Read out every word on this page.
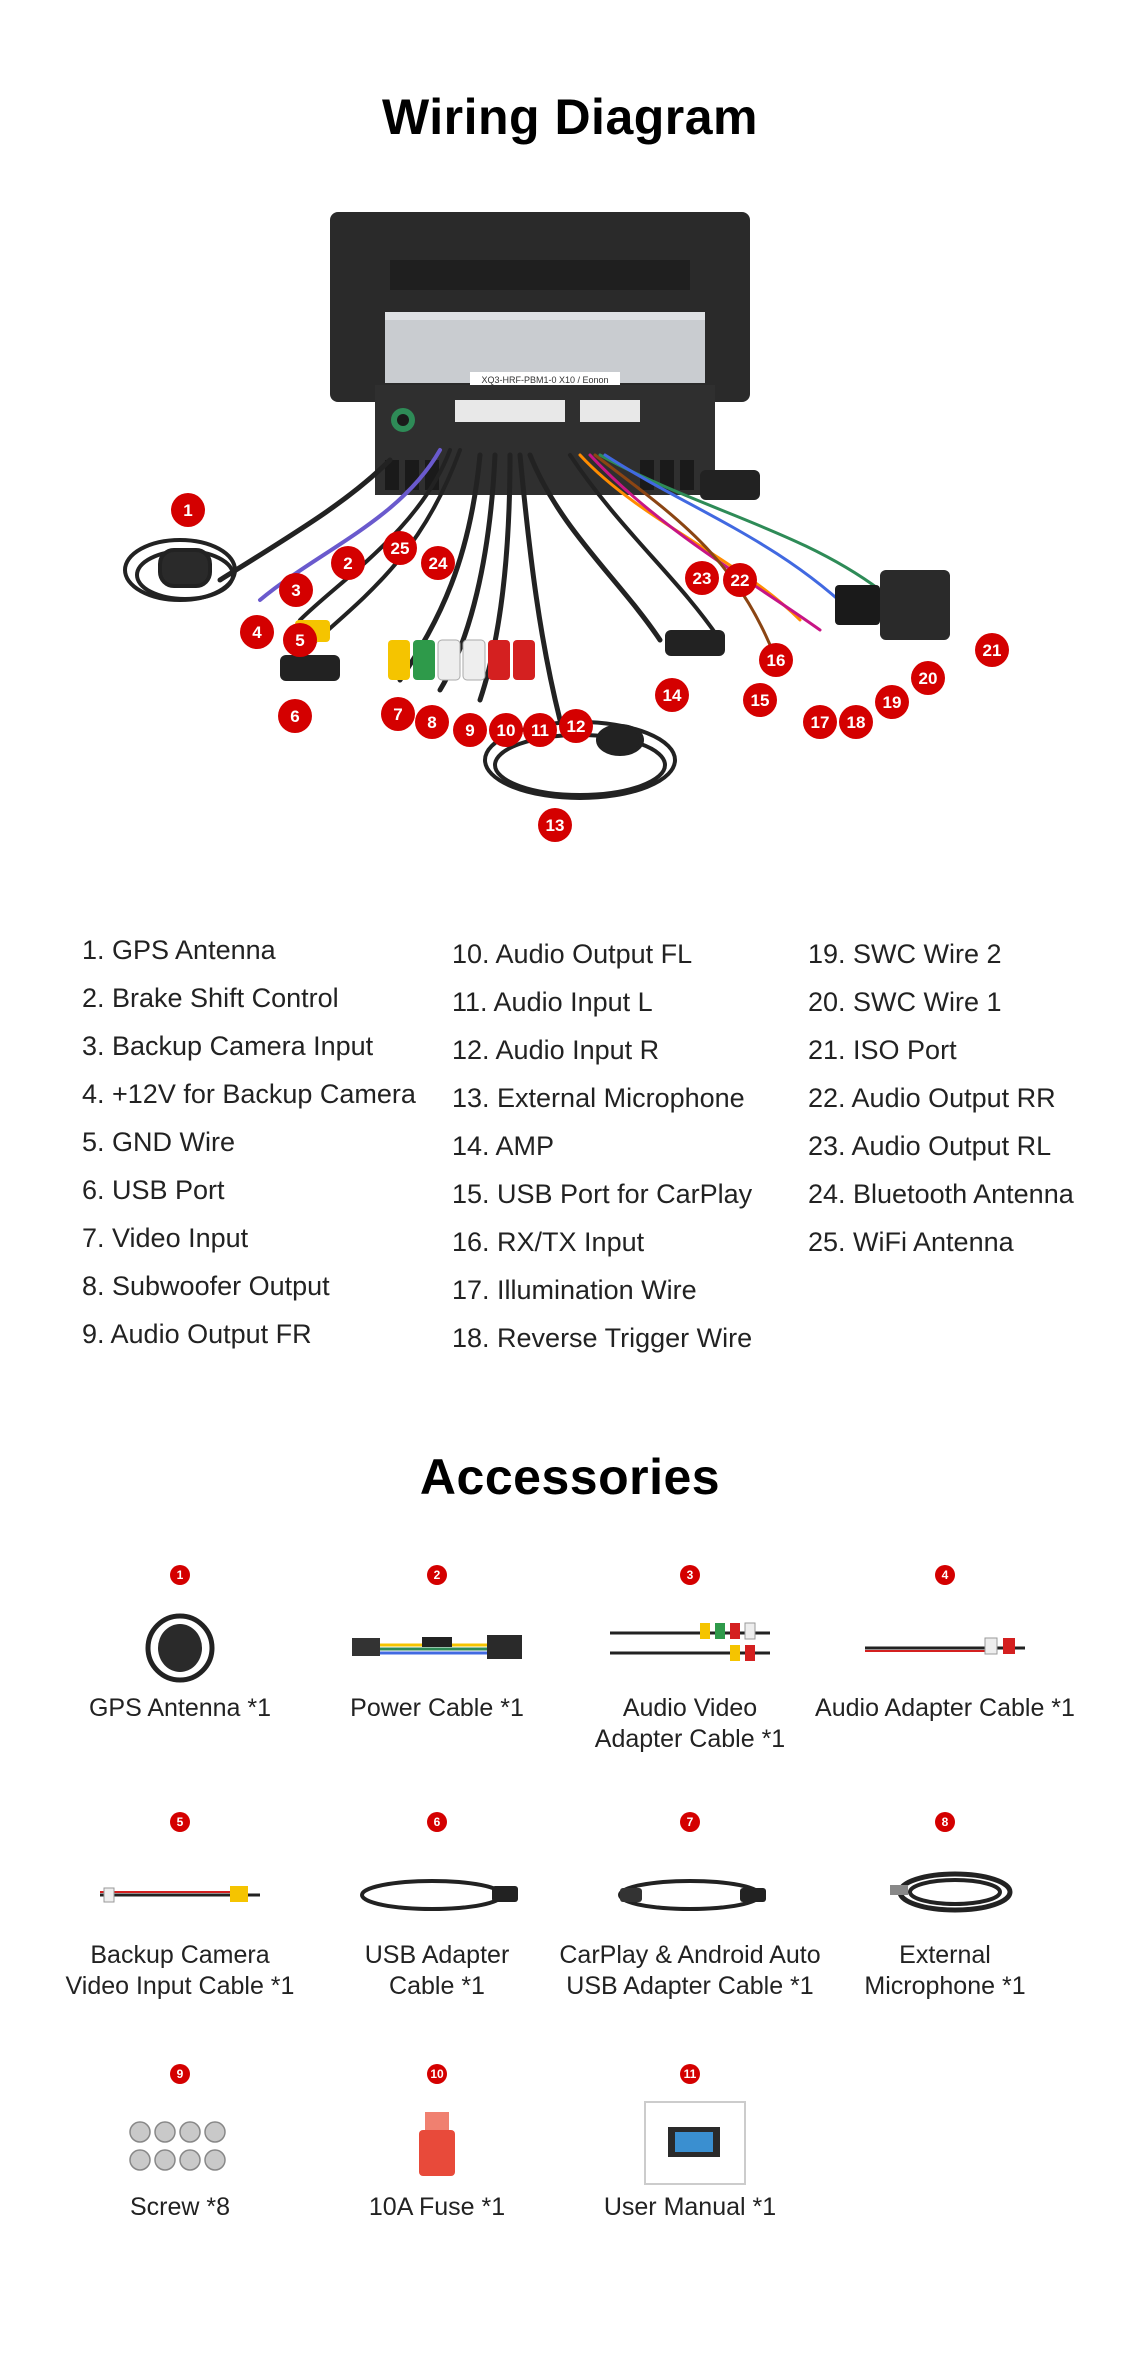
Wiring Diagram
XQ3-HRF-PBM1-0 X10 / Eonon
1
2
3
4 5
6	7 8 9 10 11 12
13
14	15
16
17 18
19
20
21
22
23
24
25
1. GPS Antenna
2. Brake Shift Control
3. Backup Camera Input
4. +12V for Backup Camera
5. GND Wire
6. USB Port
7. Video Input
8. Subwoofer Output
9. Audio Output FR
10. Audio Output FL
11. Audio Input L
12. Audio Input R
13. External Microphone
14. AMP
15. USB Port for CarPlay
16. RX/TX Input
17. Illumination Wire
18. Reverse Trigger Wire
19. SWC Wire 2
20. SWC Wire 1
21. ISO Port
22. Audio Output RR
23. Audio Output RL
24. Bluetooth Antenna
25. WiFi Antenna
Accessories
1
GPS Antenna *1
2
Power Cable *1
3
Audio Video
Adapter Cable *1
4
Audio Adapter Cable *1
5
Backup Camera
Video Input Cable *1
6
USB Adapter
Cable *1
7
CarPlay & Android Auto
USB Adapter Cable *1
8
External
Microphone *1
9
Screw *8
10
10A Fuse *1
11
User Manual *1
